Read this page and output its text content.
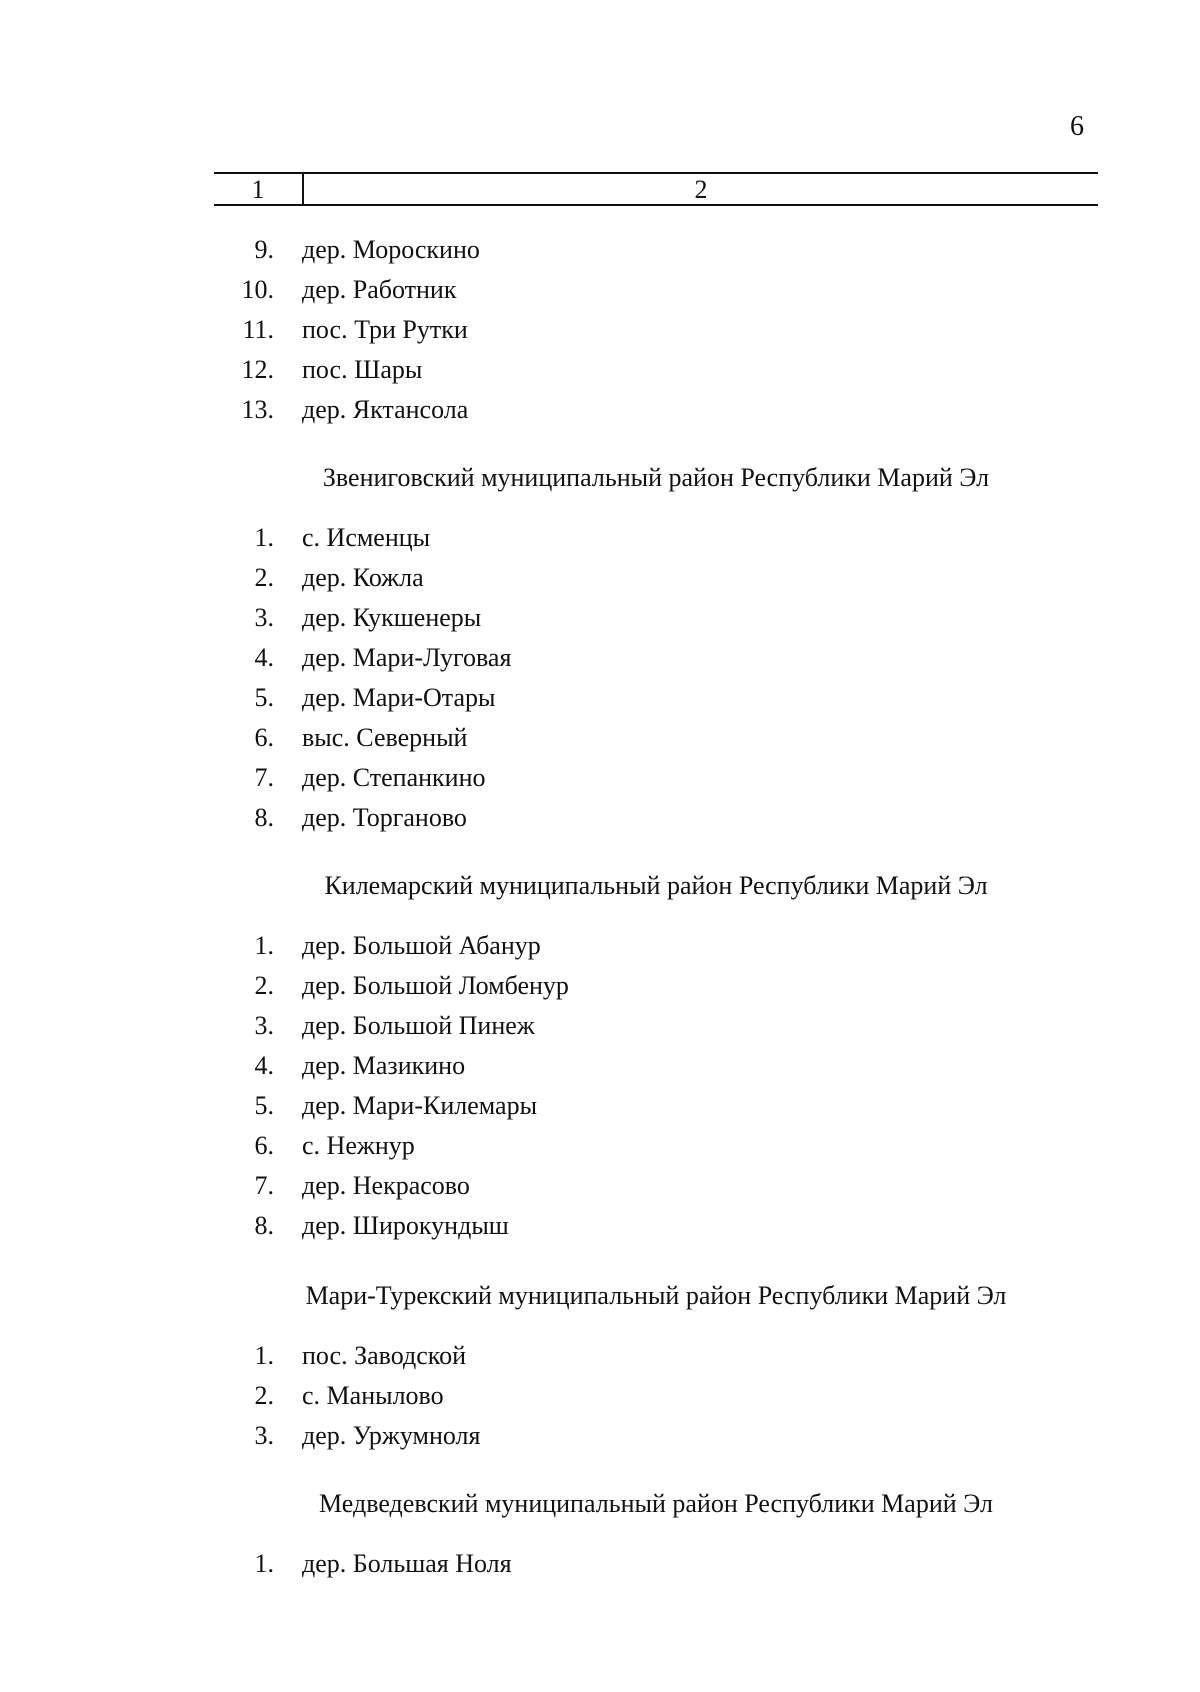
6
1	2
9. дер. Мороскино
10. дер. Работник
11. пос. Три Рутки
12. пос. Шары
13. дер. Яктансола
Звениговский муниципальный район Республики Марий Эл
1. с. Исменцы
2. дер. Кожла
3. дер. Кукшенеры
4. дер. Мари-Луговая
5. дер. Мари-Отары
6. выс. Северный
7. дер. Степанкино
8. дер. Торганово
Килемарский муниципальный район Республики Марий Эл
1. дер. Большой Абанур
2. дер. Большой Ломбенур
3. дер. Большой Пинеж
4. дер. Мазикино
5. дер. Мари-Килемары
6. с. Нежнур
7. дер. Некрасово
8. дер. Широкундыш
Мари-Турекский муниципальный район Республики Марий Эл
1. пос. Заводской
2. с. Манылово
3. дер. Уржумноля
Медведевский муниципальный район Республики Марий Эл
1. дер. Большая Ноля
